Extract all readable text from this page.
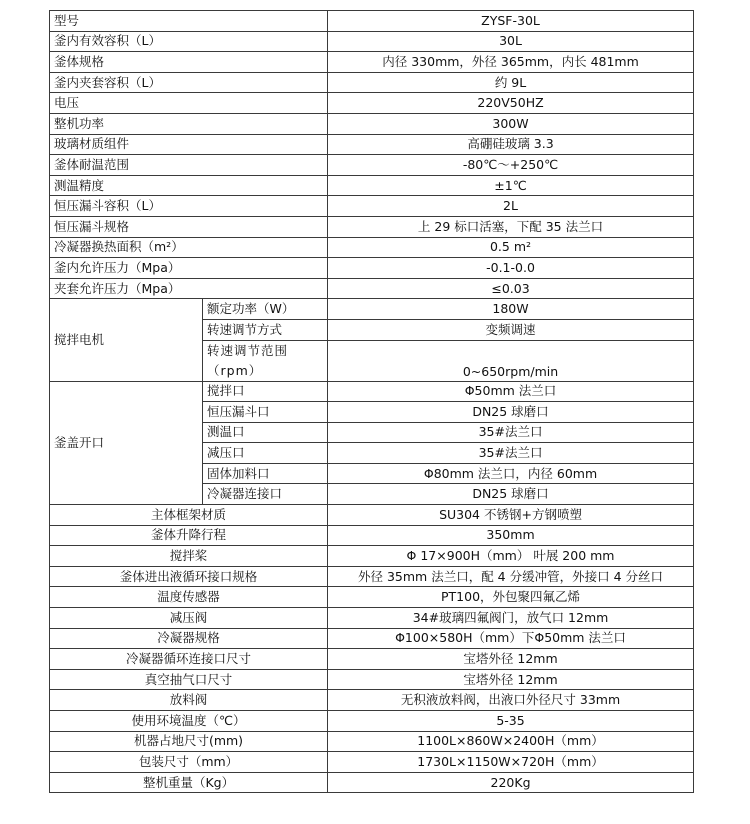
型号		ZYSF-30L
釜内有效容积（L）		30L
釜体规格		内径 330mm，外径 365mm，内长 481mm
釜内夹套容积（L）		约 9L
电压		220V50HZ
整机功率		300W
玻璃材质组件		高硼硅玻璃 3.3
釜体耐温范围		-80℃～+250℃
测温精度		±1℃
恒压漏斗容积（L）		2L
恒压漏斗规格		上 29 标口活塞，下配 35 法兰口
冷凝器换热面积（m²）		0.5 m²
釜内允许压力（Mpa）		-0.1-0.0
夹套允许压力（Mpa）		≤0.03
搅拌电机	额定功率（W）	180W
	转速调节方式	变频调速
	转速调节范围（rpm）	0~650rpm/min
釜盖开口	搅拌口	Φ50mm 法兰口
	恒压漏斗口	DN25 球磨口
	测温口	35#法兰口
	减压口	35#法兰口
	固体加料口	Φ80mm 法兰口，内径 60mm
	冷凝器连接口	DN25 球磨口
主体框架材质		SU304 不锈钢+方钢喷塑
釜体升降行程		350mm
搅拌桨		Φ 17×900H（mm） 叶展 200 mm
釜体进出液循环接口规格		外径 35mm 法兰口，配 4 分缓冲管，外接口 4 分丝口
温度传感器		PT100，外包聚四氟乙烯
减压阀		34#玻璃四氟阀门，放气口 12mm
冷凝器规格		Φ100×580H（mm）下Φ50mm 法兰口
冷凝器循环连接口尺寸		宝塔外径 12mm
真空抽气口尺寸		宝塔外径 12mm
放料阀		无积液放料阀，出液口外径尺寸 33mm
使用环境温度（℃）		5-35
机器占地尺寸(mm)		1100L×860W×2400H（mm）
包装尺寸（mm）		1730L×1150W×720H（mm）
整机重量（Kg）		220Kg
